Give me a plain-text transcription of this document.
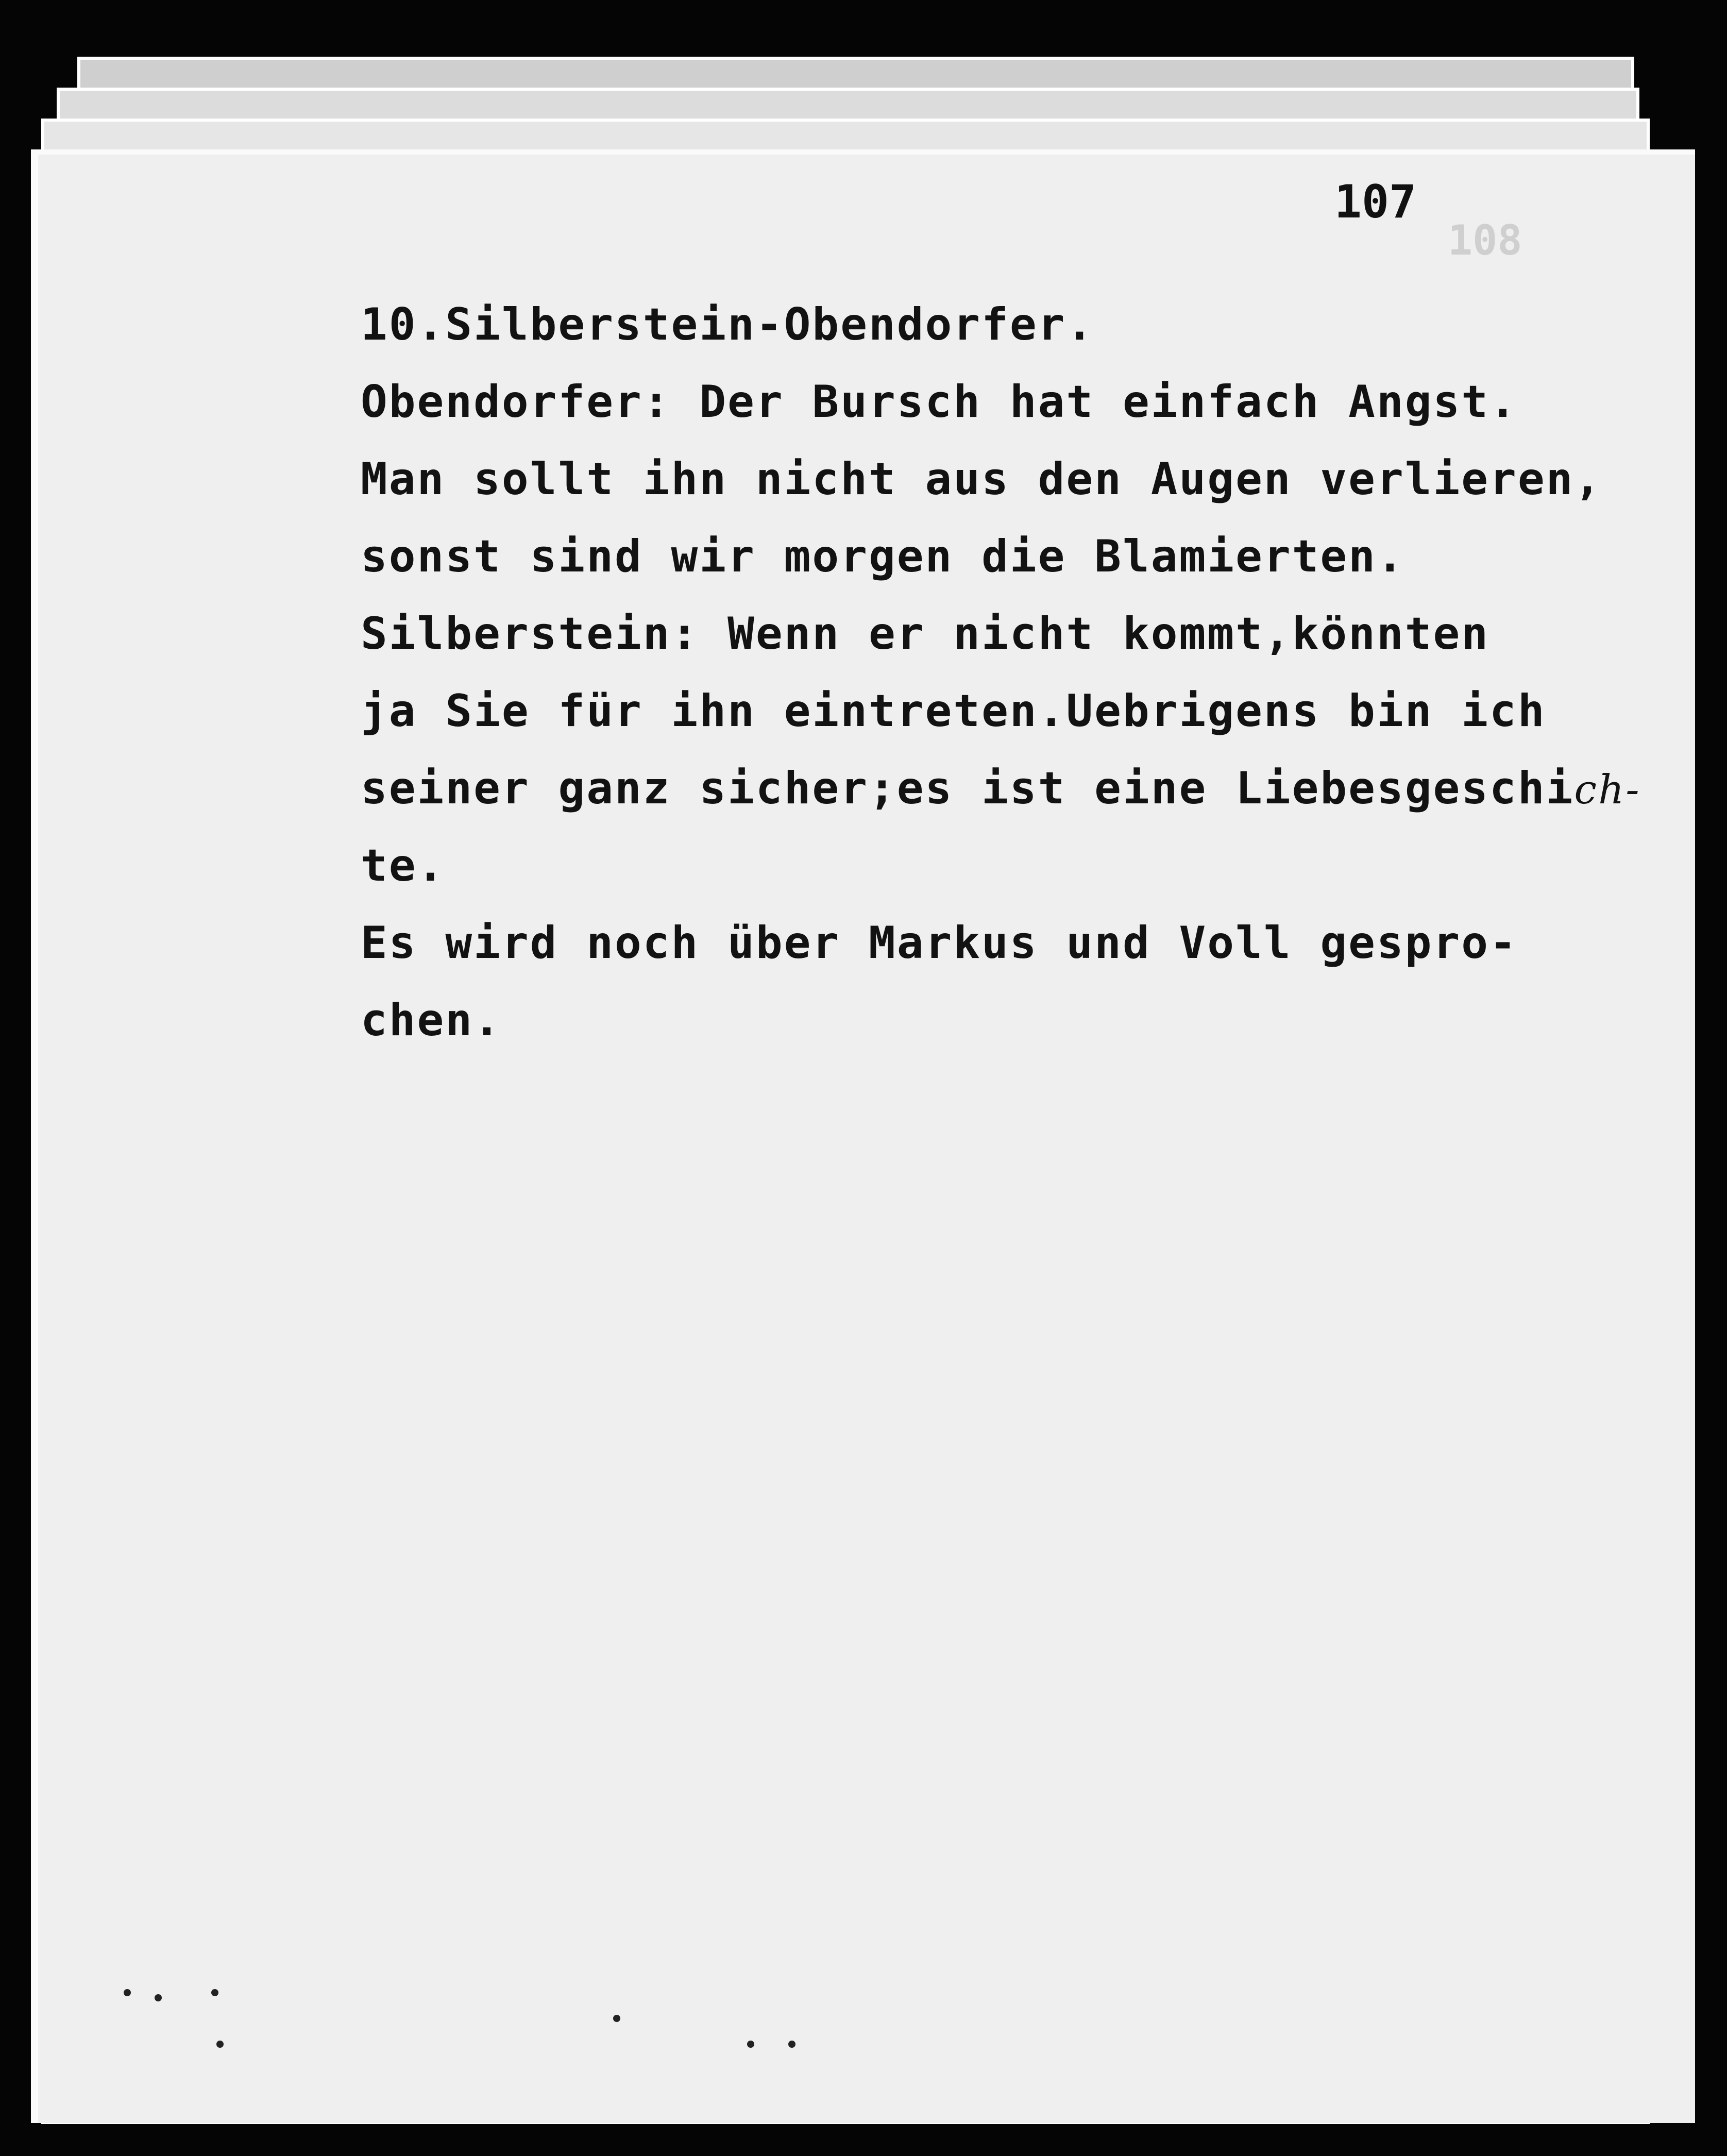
108
107
10.Silberstein-Obendorfer.
Obendorfer: Der Bursch hat einfach Angst.
Man sollt ihn nicht aus den Augen verlieren,
sonst sind wir morgen die Blamierten.
Silberstein: Wenn er nicht kommt,könnten
ja Sie für ihn eintreten.Uebrigens bin ich
seiner ganz sicher;es ist eine Liebesgeschich-
te.
Es wird noch über Markus und Voll gespro-
chen.
